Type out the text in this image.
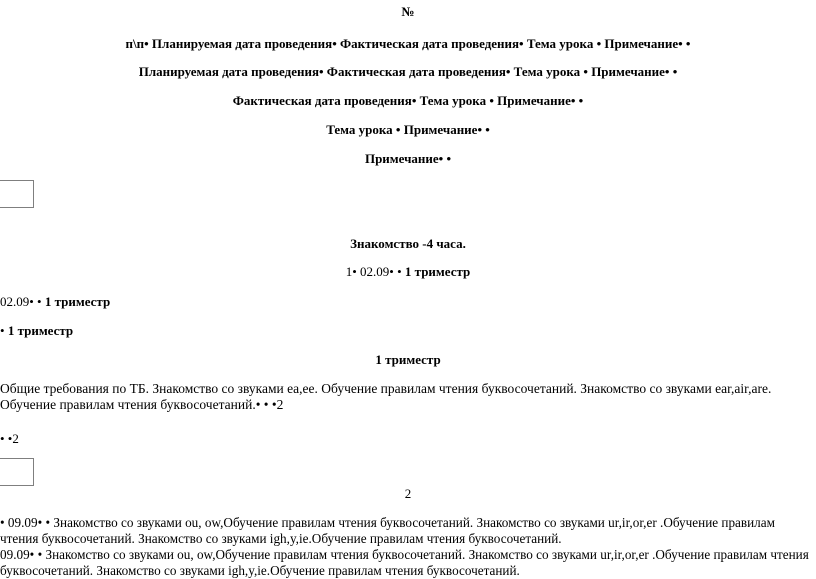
№
п\п• Планируемая дата проведения• Фактическая дата проведения• Тема урока • Примечание• •
Планируемая дата проведения• Фактическая дата проведения• Тема урока • Примечание• •
Фактическая дата проведения• Тема урока • Примечание• •
Тема урока • Примечание• •
Примечание• •
Знакомство -4 часа.
1• 02.09• • 1 триместр
02.09• • 1 триместр
• 1 триместр
1 триместр
Общие требования по ТБ. Знакомство со звуками ea,ee. Обучение правилам чтения буквосочетаний. Знакомство со звуками ear,air,are. Обучение правилам чтения буквосочетаний.• • •2
• •2
2
• 09.09• • Знакомство со звуками ou, ow,Обучение правилам чтения буквосочетаний. Знакомство со звуками ur,ir,or,er .Обучение правилам чтения буквосочетаний. Знакомство со звуками igh,y,ie.Обучение правилам чтения буквосочетаний.
09.09• • Знакомство со звуками ou, ow,Обучение правилам чтения буквосочетаний. Знакомство со звуками ur,ir,or,er .Обучение правилам чтения буквосочетаний. Знакомство со звуками igh,y,ie.Обучение правилам чтения буквосочетаний.
